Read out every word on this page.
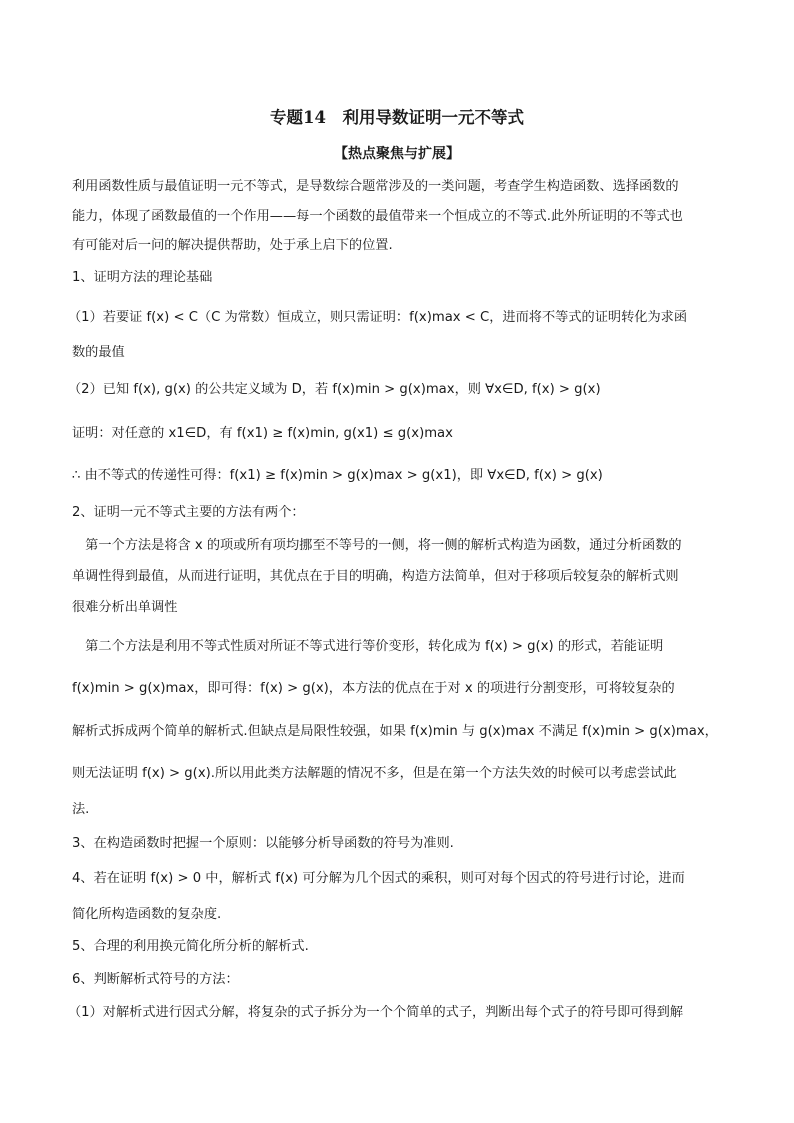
专题14　利用导数证明一元不等式
【热点聚焦与扩展】
利用函数性质与最值证明一元不等式，是导数综合题常涉及的一类问题，考查学生构造函数、选择函数的
能力，体现了函数最值的一个作用——每一个函数的最值带来一个恒成立的不等式.此外所证明的不等式也
有可能对后一问的解决提供帮助，处于承上启下的位置.
1、证明方法的理论基础
（1）若要证 f(x) < C（C 为常数）恒成立，则只需证明：f(x)max < C，进而将不等式的证明转化为求函
数的最值
（2）已知 f(x), g(x) 的公共定义域为 D，若 f(x)min > g(x)max，则 ∀x∈D, f(x) > g(x)
证明：对任意的 x1∈D，有 f(x1) ≥ f(x)min, g(x1) ≤ g(x)max
∴ 由不等式的传递性可得：f(x1) ≥ f(x)min > g(x)max > g(x1)，即 ∀x∈D, f(x) > g(x)
2、证明一元不等式主要的方法有两个：
　第一个方法是将含 x 的项或所有项均挪至不等号的一侧，将一侧的解析式构造为函数，通过分析函数的
单调性得到最值，从而进行证明，其优点在于目的明确，构造方法简单，但对于移项后较复杂的解析式则
很难分析出单调性
　第二个方法是利用不等式性质对所证不等式进行等价变形，转化成为 f(x) > g(x) 的形式，若能证明
f(x)min > g(x)max，即可得：f(x) > g(x)，本方法的优点在于对 x 的项进行分割变形，可将较复杂的
解析式拆成两个简单的解析式.但缺点是局限性较强，如果 f(x)min 与 g(x)max 不满足 f(x)min > g(x)max，
则无法证明 f(x) > g(x).所以用此类方法解题的情况不多，但是在第一个方法失效的时候可以考虑尝试此
法.
3、在构造函数时把握一个原则：以能够分析导函数的符号为准则.
4、若在证明 f(x) > 0 中，解析式 f(x) 可分解为几个因式的乘积，则可对每个因式的符号进行讨论，进而
简化所构造函数的复杂度.
5、合理的利用换元简化所分析的解析式.
6、判断解析式符号的方法：
（1）对解析式进行因式分解，将复杂的式子拆分为一个个简单的式子，判断出每个式子的符号即可得到解
